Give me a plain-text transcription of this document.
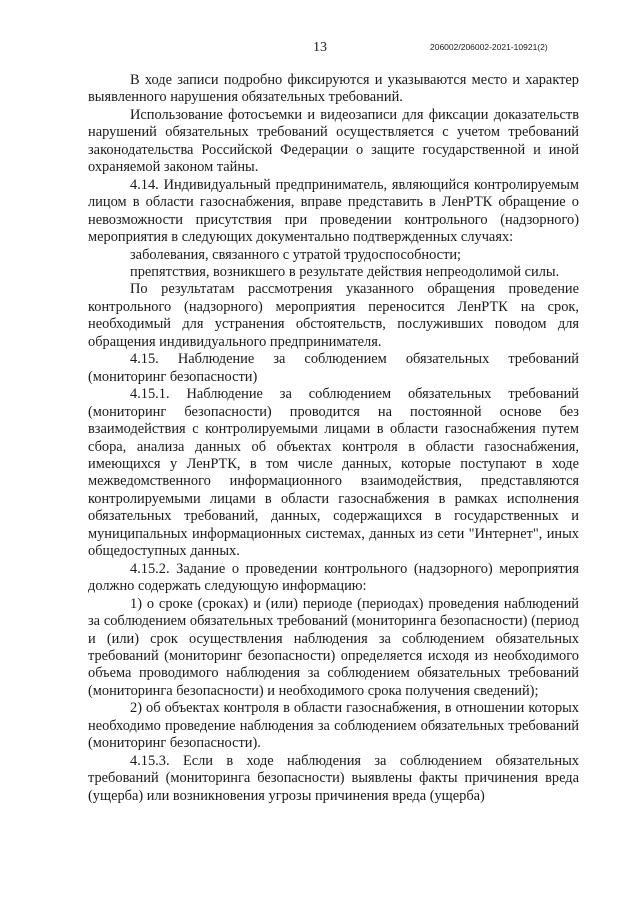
13	206002/206002-2021-10921(2)

В ходе записи подробно фиксируются и указываются место и характер выявленного нарушения обязательных требований.

Использование фотосъемки и видеозаписи для фиксации доказательств нарушений обязательных требований осуществляется с учетом требований законодательства Российской Федерации о защите государственной и иной охраняемой законом тайны.

4.14. Индивидуальный предприниматель, являющийся контролируемым лицом в области газоснабжения, вправе представить в ЛенРТК обращение о невозможности присутствия при проведении контрольного (надзорного) мероприятия в следующих документально подтвержденных случаях:

заболевания, связанного с утратой трудоспособности;

препятствия, возникшего в результате действия непреодолимой силы.

По результатам рассмотрения указанного обращения проведение контрольного (надзорного) мероприятия переносится ЛенРТК на срок, необходимый для устранения обстоятельств, послуживших поводом для обращения индивидуального предпринимателя.

4.15. Наблюдение за соблюдением обязательных требований (мониторинг безопасности)

4.15.1. Наблюдение за соблюдением обязательных требований (мониторинг безопасности) проводится на постоянной основе без взаимодействия с контролируемыми лицами в области газоснабжения путем сбора, анализа данных об объектах контроля в области газоснабжения, имеющихся у ЛенРТК, в том числе данных, которые поступают в ходе межведомственного информационного взаимодействия, представляются контролируемыми лицами в области газоснабжения в рамках исполнения обязательных требований, данных, содержащихся в государственных и муниципальных информационных системах, данных из сети "Интернет", иных общедоступных данных.

4.15.2. Задание о проведении контрольного (надзорного) мероприятия должно содержать следующую информацию:

1) о сроке (сроках) и (или) периоде (периодах) проведения наблюдений за соблюдением обязательных требований (мониторинга безопасности) (период и (или) срок осуществления наблюдения за соблюдением обязательных требований (мониторинг безопасности) определяется исходя из необходимого объема проводимого наблюдения за соблюдением обязательных требований (мониторинга безопасности) и необходимого срока получения сведений);

2) об объектах контроля в области газоснабжения, в отношении которых необходимо проведение наблюдения за соблюдением обязательных требований (мониторинг безопасности).

4.15.3. Если в ходе наблюдения за соблюдением обязательных требований (мониторинга безопасности) выявлены факты причинения вреда (ущерба) или возникновения угрозы причинения вреда (ущерба)
